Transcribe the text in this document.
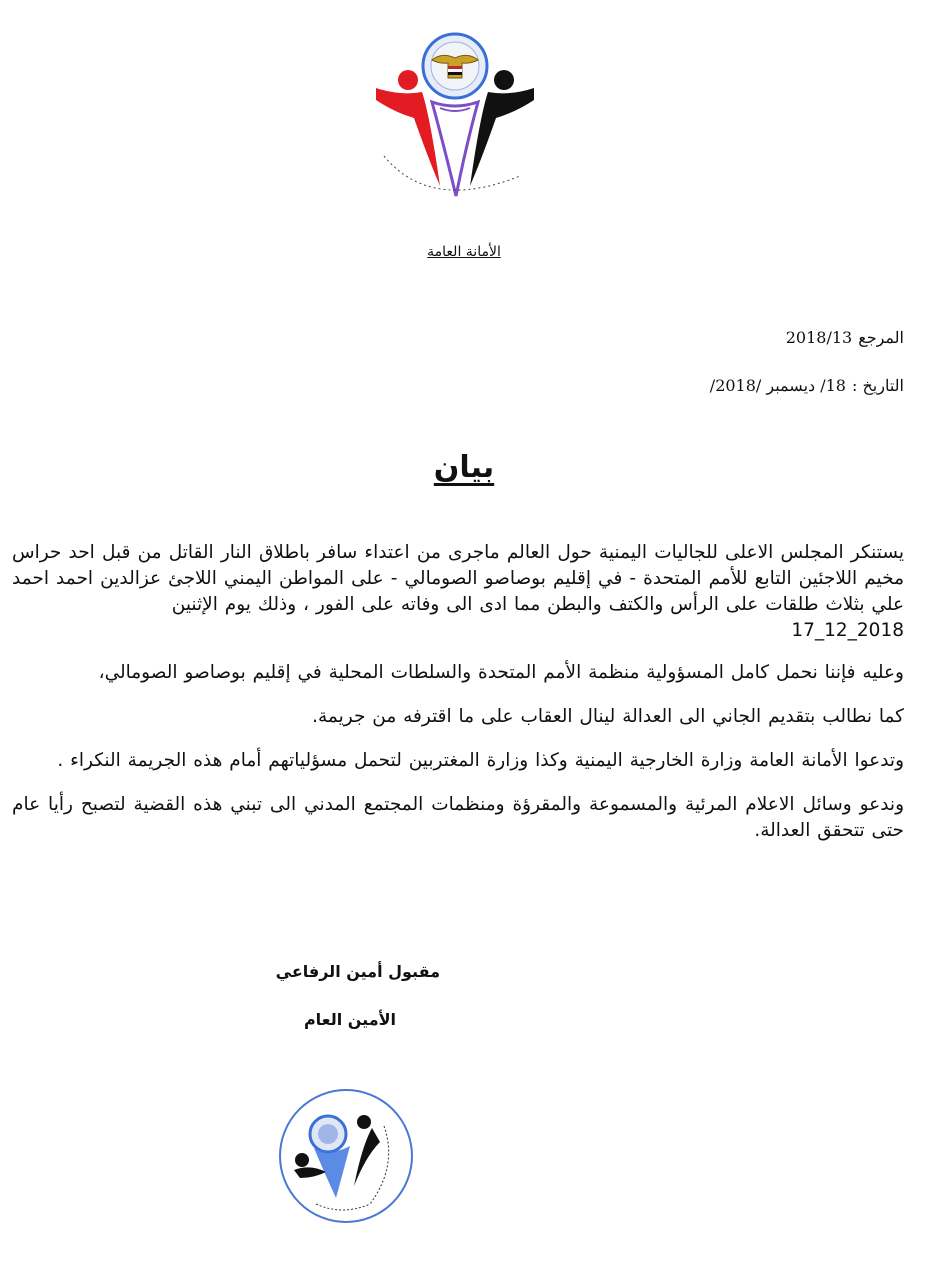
الأمانة العامة
المرجع2018/13
التاريخ :18/ ديسمبر /2018/
بيان

يستنكر المجلس الاعلى للجاليات اليمنية حول العالم ماجرى من اعتداء سافر باطلاق النار القاتل من قبل احد حراس مخيم اللاجئين التابع للأمم المتحدة - في إقليم بوصاصو الصومالي - على المواطن اليمني اللاجئ عزالدين احمد احمد علي بثلاث طلقات على الرأس والكتف والبطن مما ادى الى وفاته على الفور ، وذلك يوم الإثنين
2018_12_17

وعليه فإننا نحمل كامل المسؤولية منظمة الأمم المتحدة والسلطات المحلية في إقليم بوصاصو الصومالي،

كما نطالب بتقديم الجاني الى العدالة لينال العقاب على ما اقترفه من جريمة.

وتدعوا الأمانة العامة وزارة الخارجية اليمنية وكذا وزارة المغتربين لتحمل مسؤلياتهم أمام هذه الجريمة النكراء .

وندعو وسائل الاعلام المرئية والمسموعة والمقرؤة ومنظمات المجتمع المدني الى تبني هذه القضية لتصبح رأيا عام حتى تتحقق العدالة.

مقبول أمين الرفاعي
الأمين العام
